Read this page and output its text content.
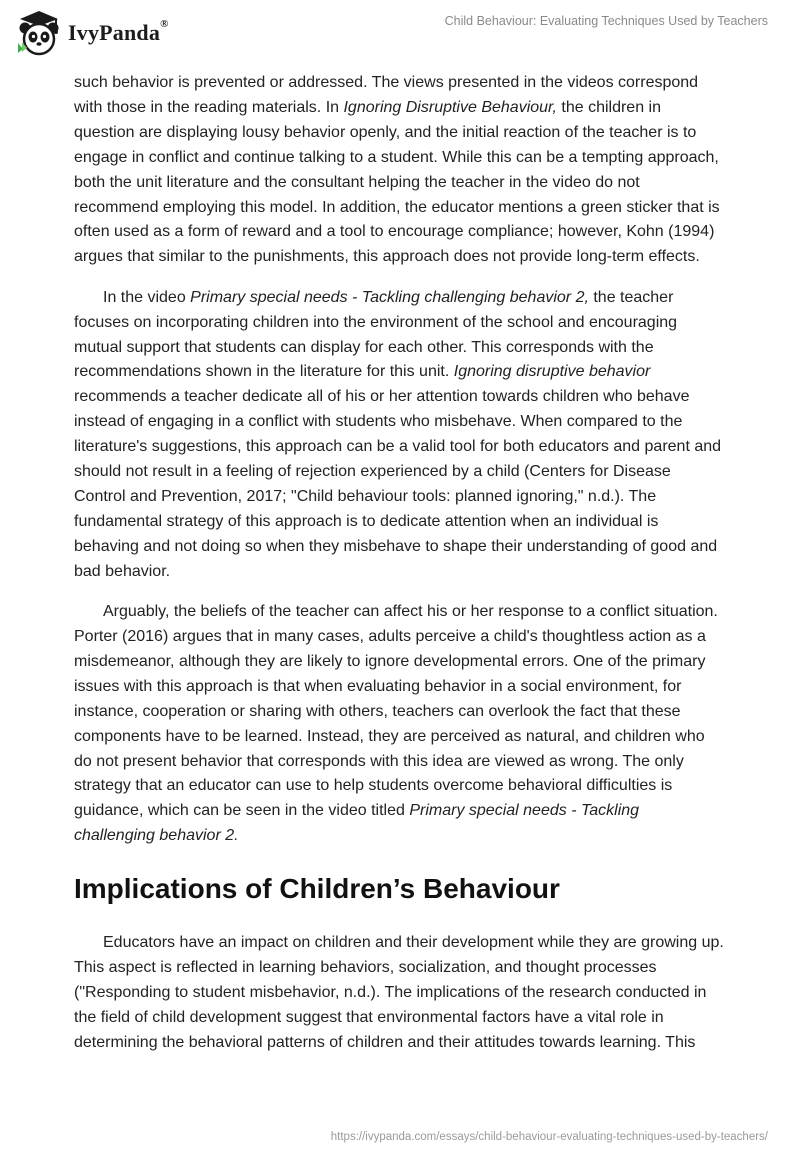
IvyPanda®	Child Behaviour: Evaluating Techniques Used by Teachers

such behavior is prevented or addressed. The views presented in the videos correspond with those in the reading materials. In Ignoring Disruptive Behaviour, the children in question are displaying lousy behavior openly, and the initial reaction of the teacher is to engage in conflict and continue talking to a student. While this can be a tempting approach, both the unit literature and the consultant helping the teacher in the video do not recommend employing this model. In addition, the educator mentions a green sticker that is often used as a form of reward and a tool to encourage compliance; however, Kohn (1994) argues that similar to the punishments, this approach does not provide long-term effects.

In the video Primary special needs - Tackling challenging behavior 2, the teacher focuses on incorporating children into the environment of the school and encouraging mutual support that students can display for each other. This corresponds with the recommendations shown in the literature for this unit. Ignoring disruptive behavior recommends a teacher dedicate all of his or her attention towards children who behave instead of engaging in a conflict with students who misbehave. When compared to the literature's suggestions, this approach can be a valid tool for both educators and parent and should not result in a feeling of rejection experienced by a child (Centers for Disease Control and Prevention, 2017; "Child behaviour tools: planned ignoring," n.d.). The fundamental strategy of this approach is to dedicate attention when an individual is behaving and not doing so when they misbehave to shape their understanding of good and bad behavior.

Arguably, the beliefs of the teacher can affect his or her response to a conflict situation. Porter (2016) argues that in many cases, adults perceive a child's thoughtless action as a misdemeanor, although they are likely to ignore developmental errors. One of the primary issues with this approach is that when evaluating behavior in a social environment, for instance, cooperation or sharing with others, teachers can overlook the fact that these components have to be learned. Instead, they are perceived as natural, and children who do not present behavior that corresponds with this idea are viewed as wrong. The only strategy that an educator can use to help students overcome behavioral difficulties is guidance, which can be seen in the video titled Primary special needs - Tackling challenging behavior 2.

Implications of Children’s Behaviour

Educators have an impact on children and their development while they are growing up. This aspect is reflected in learning behaviors, socialization, and thought processes ("Responding to student misbehavior, n.d.). The implications of the research conducted in the field of child development suggest that environmental factors have a vital role in determining the behavioral patterns of children and their attitudes towards learning. This

https://ivypanda.com/essays/child-behaviour-evaluating-techniques-used-by-teachers/
